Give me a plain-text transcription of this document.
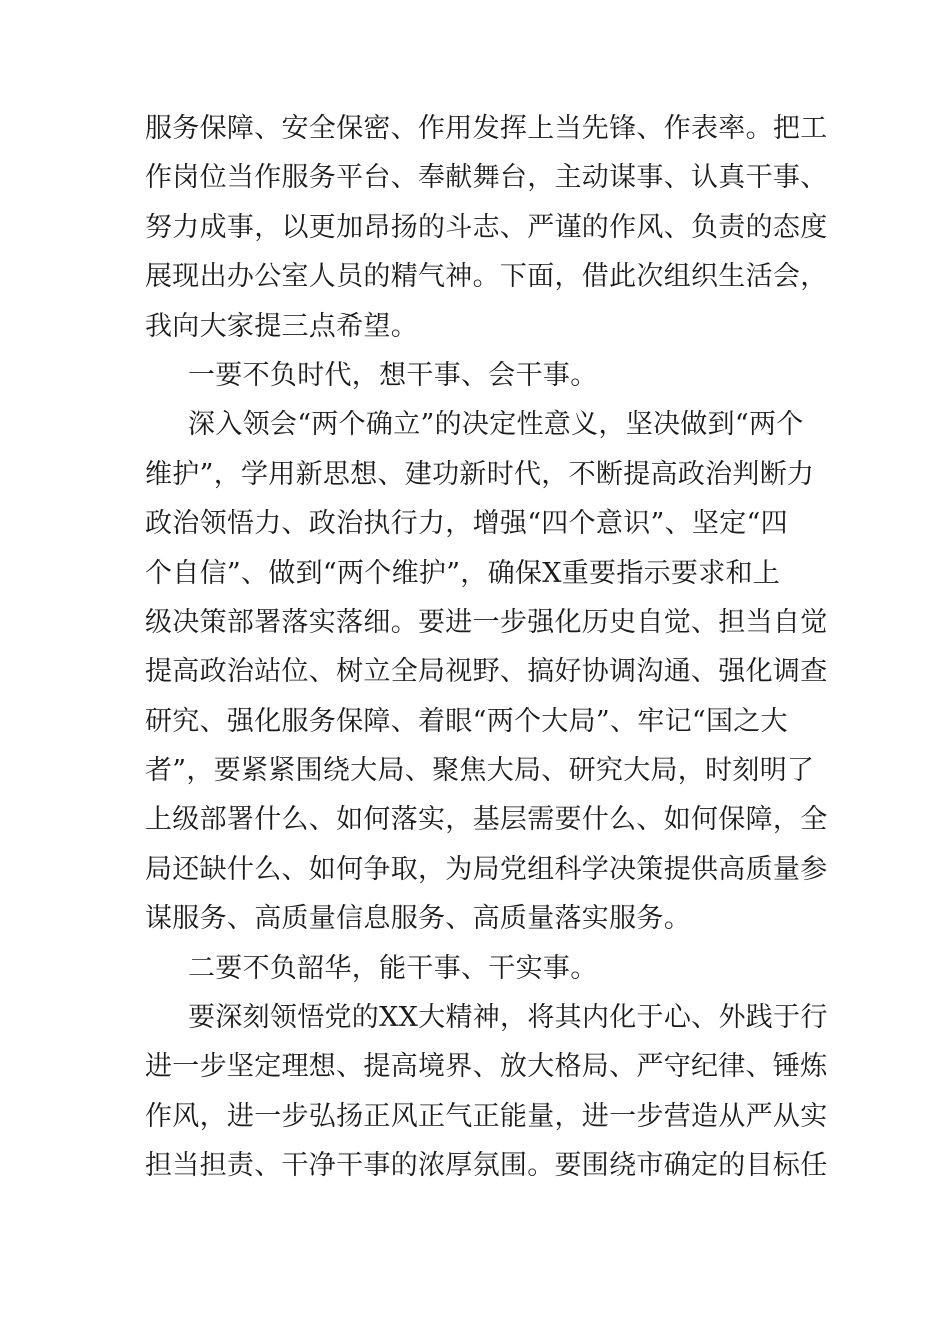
服务保障、安全保密、作用发挥上当先锋、作表率。把工
作岗位当作服务平台、奉献舞台，主动谋事、认真干事、
努力成事，以更加昂扬的斗志、严谨的作风、负责的态度
展现出办公室人员的精气神。下面，借此次组织生活会，
我向大家提三点希望。
一要不负时代，想干事、会干事。
深入领会“两个确立”的决定性意义，坚决做到“两个
维护”，学用新思想、建功新时代，不断提高政治判断力
政治领悟力、政治执行力，增强“四个意识”、坚定“四
个自信”、做到“两个维护”，确保X重要指示要求和上
级决策部署落实落细。要进一步强化历史自觉、担当自觉
提高政治站位、树立全局视野、搞好协调沟通、强化调查
研究、强化服务保障、着眼“两个大局”、牢记“国之大
者”，要紧紧围绕大局、聚焦大局、研究大局，时刻明了
上级部署什么、如何落实，基层需要什么、如何保障，全
局还缺什么、如何争取，为局党组科学决策提供高质量参
谋服务、高质量信息服务、高质量落实服务。
二要不负韶华，能干事、干实事。
要深刻领悟党的XX大精神，将其内化于心、外践于行
进一步坚定理想、提高境界、放大格局、严守纪律、锤炼
作风，进一步弘扬正风正气正能量，进一步营造从严从实
担当担责、干净干事的浓厚氛围。要围绕市确定的目标任
